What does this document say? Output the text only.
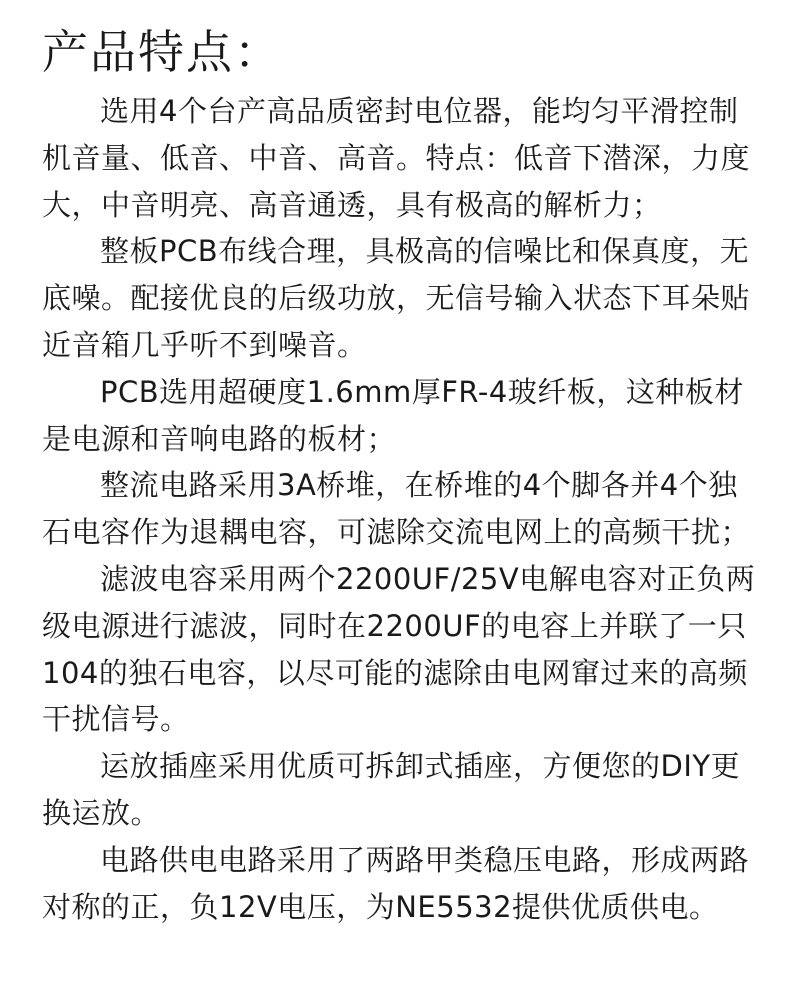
产品特点：

选用4个台产高品质密封电位器，能均匀平滑控制机音量、低音、中音、高音。特点：低音下潜深，力度大，中音明亮、高音通透，具有极高的解析力；

整板PCB布线合理，具极高的信噪比和保真度，无底噪。配接优良的后级功放，无信号输入状态下耳朵贴近音箱几乎听不到噪音。

PCB选用超硬度1.6mm厚FR-4玻纤板，这种板材是电源和音响电路的板材；

整流电路采用3A桥堆，在桥堆的4个脚各并4个独石电容作为退耦电容，可滤除交流电网上的高频干扰；

滤波电容采用两个2200UF/25V电解电容对正负两级电源进行滤波，同时在2200UF的电容上并联了一只104的独石电容，以尽可能的滤除由电网窜过来的高频干扰信号。

运放插座采用优质可拆卸式插座，方便您的DIY更换运放。

电路供电电路采用了两路甲类稳压电路，形成两路对称的正，负12V电压，为NE5532提供优质供电。
